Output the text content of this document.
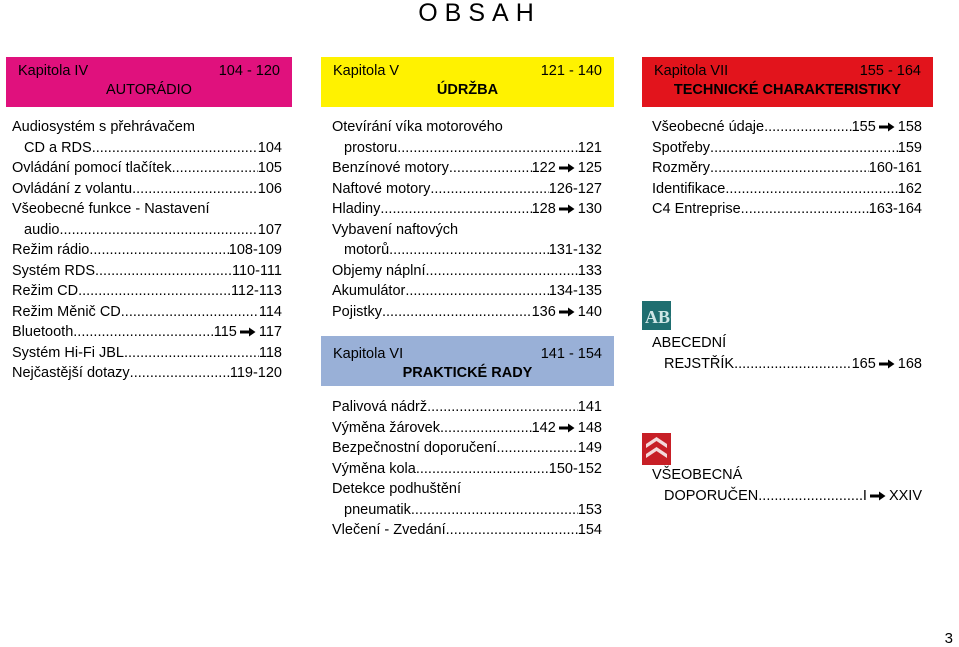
OBSAH
Kapitola IV	104 - 120
AUTORÁDIO
Audiosystém s přehrávačem
CD a RDS .....	104
Ovládání pomocí tlačítek .....	105
Ovládání z volantu .....	106
Všeobecné funkce - Nastavení
audio .....	107
Režim rádio .....	108-109
Systém RDS .....	110-111
Režim CD .....	112-113
Režim Měnič CD .....	114
Bluetooth .....	115 117
Systém Hi-Fi JBL .....	118
Nejčastější dotazy .....	119-120
Kapitola V	121 - 140
ÚDRŽBA
Otevírání víka motorového
prostoru .....	121
Benzínové motory .....	122 125
Naftové motory .....	126-127
Hladiny .....	128 130
Vybavení naftových
motorů .....	131-132
Objemy náplní .....	133
Akumulátor .....	134-135
Pojistky .....	136 140
Kapitola VI	141 - 154
PRAKTICKÉ RADY
Palivová nádrž .....	141
Výměna žárovek .....	142 148
Bezpečnostní doporučení .....	149
Výměna kola .....	150-152
Detekce podhuštění
pneumatik .....	153
Vlečení - Zvedání .....	154
Kapitola VII	155 - 164
TECHNICKÉ CHARAKTERISTIKY
Všeobecné údaje .....	155 158
Spotřeby .....	159
Rozměry .....	160-161
Identifikace .....	162
C4 Entreprise .....	163-164
AB
ABECEDNÍ
REJSTŘÍK .....	165 168
VŠEOBECNÁ
DOPORUČEN .....	I XXIV
3
